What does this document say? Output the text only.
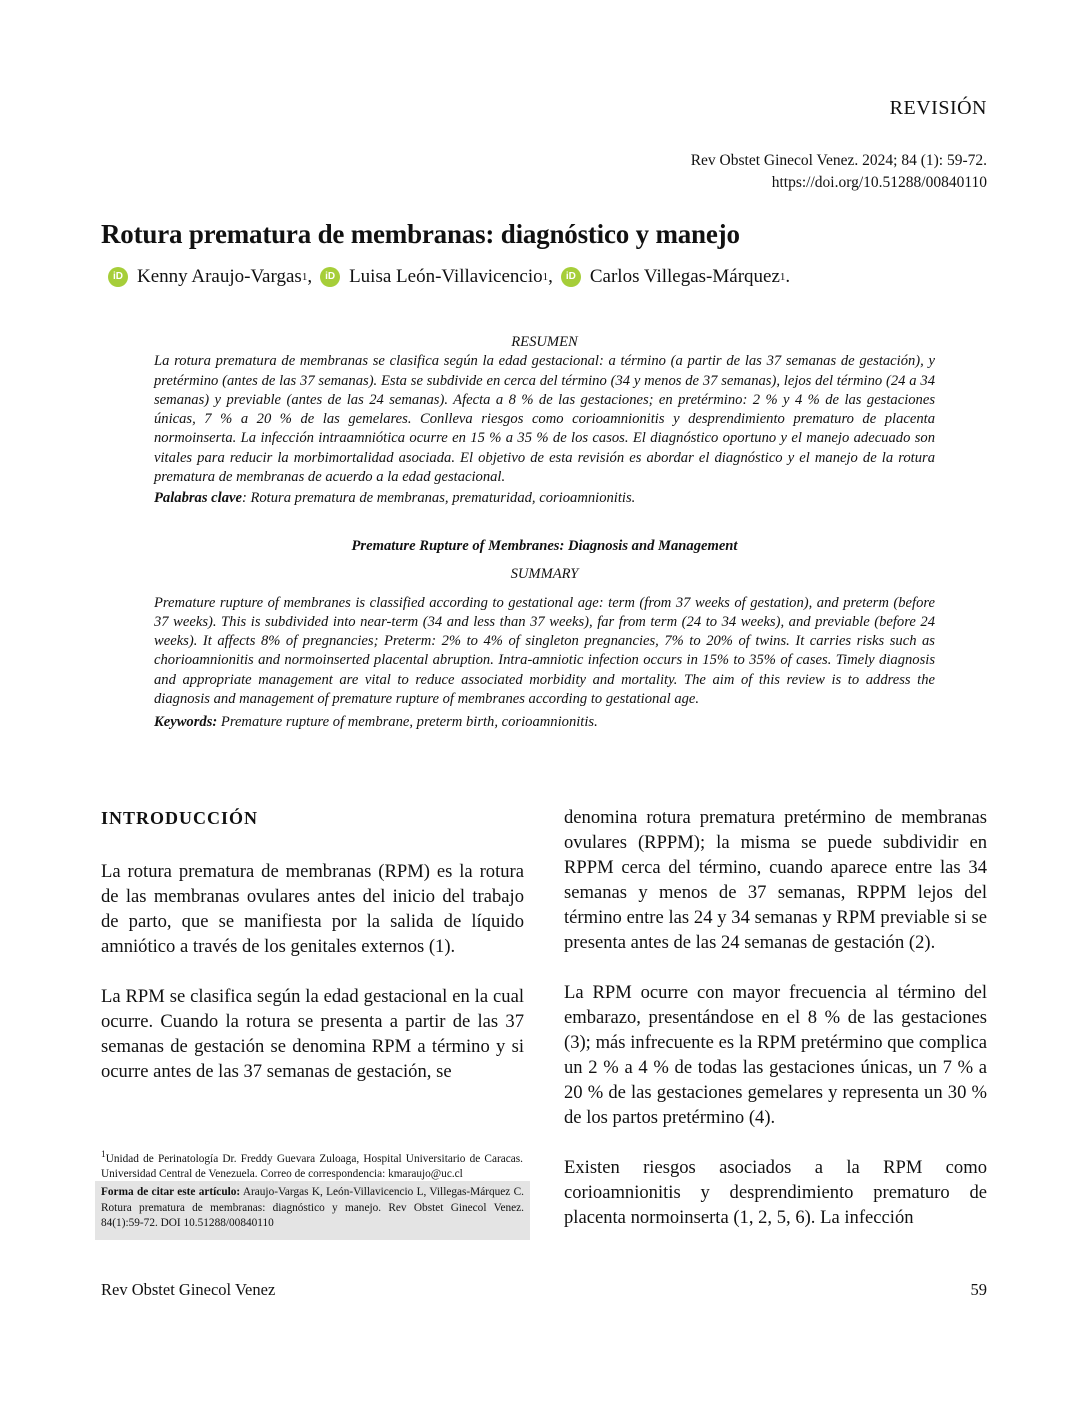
REVISIÓN
Rev Obstet Ginecol Venez. 2024; 84 (1): 59-72.
https://doi.org/10.51288/00840110
Rotura prematura de membranas: diagnóstico y manejo
iD Kenny Araujo-Vargas 1 ,	iD Luisa León-Villavicencio 1 ,	iD Carlos Villegas-Márquez 1 .
RESUMEN

La rotura prematura de membranas se clasifica según la edad gestacional: a término (a partir de las 37 semanas de gestación), y pretérmino (antes de las 37 semanas). Esta se subdivide en cerca del término (34 y menos de 37 semanas), lejos del término (24 a 34 semanas) y previable (antes de las 24 semanas). Afecta a 8 % de las gestaciones; en pretérmino: 2 % y 4 % de las gestaciones únicas, 7 % a 20 % de las gemelares. Conlleva riesgos como corioamnionitis y desprendimiento prematuro de placenta normoinserta. La infección intraamniótica ocurre en 15 % a 35 % de los casos. El diagnóstico oportuno y el manejo adecuado son vitales para reducir la morbimortalidad asociada. El objetivo de esta revisión es abordar el diagnóstico y el manejo de la rotura prematura de membranas de acuerdo a la edad gestacional.

Palabras clave: Rotura prematura de membranas, prematuridad, corioamnionitis.
Premature Rupture of Membranes: Diagnosis and Management
SUMMARY

Premature rupture of membranes is classified according to gestational age: term (from 37 weeks of gestation), and preterm (before 37 weeks). This is subdivided into near-term (34 and less than 37 weeks), far from term (24 to 34 weeks), and previable (before 24 weeks). It affects 8% of pregnancies; Preterm: 2% to 4% of singleton pregnancies, 7% to 20% of twins. It carries risks such as chorioamnionitis and normoinserted placental abruption. Intra-amniotic infection occurs in 15% to 35% of cases. Timely diagnosis and appropriate management are vital to reduce associated morbidity and mortality. The aim of this review is to address the diagnosis and management of premature rupture of membranes according to gestational age.

Keywords: Premature rupture of membrane, preterm birth, corioamnionitis.
INTRODUCCIÓN

La rotura prematura de membranas (RPM) es la rotura de las membranas ovulares antes del inicio del trabajo de parto, que se manifiesta por la salida de líquido amniótico a través de los genitales externos (1).

La RPM se clasifica según la edad gestacional en la cual ocurre. Cuando la rotura se presenta a partir de las 37 semanas de gestación se denomina RPM a término y si ocurre antes de las 37 semanas de gestación, se

denomina rotura prematura pretérmino de membranas ovulares (RPPM); la misma se puede subdividir en RPPM cerca del término, cuando aparece entre las 34 semanas y menos de 37 semanas, RPPM lejos del término entre las 24 y 34 semanas y RPM previable si se presenta antes de las 24 semanas de gestación (2).

La RPM ocurre con mayor frecuencia al término del embarazo, presentándose en el 8 % de las gestaciones (3); más infrecuente es la RPM pretérmino que complica un 2 % a 4 % de todas las gestaciones únicas, un 7 % a 20 % de las gestaciones gemelares y representa un 30 % de los partos pretérmino (4).

Existen riesgos asociados a la RPM como corioamnionitis y desprendimiento prematuro de placenta normoinserta (1, 2, 5, 6). La infección

$^1$Unidad de Perinatología Dr. Freddy Guevara Zuloaga, Hospital Universitario de Caracas. Universidad Central de Venezuela. Correo de correspondencia: kmaraujo@uc.cl
Forma de citar este artículo: Araujo-Vargas K, León-Villavicencio L, Villegas-Márquez C. Rotura prematura de membranas: diagnóstico y manejo. Rev Obstet Ginecol Venez. 84(1):59-72. DOI 10.51288/00840110
Rev Obstet Ginecol Venez	59
